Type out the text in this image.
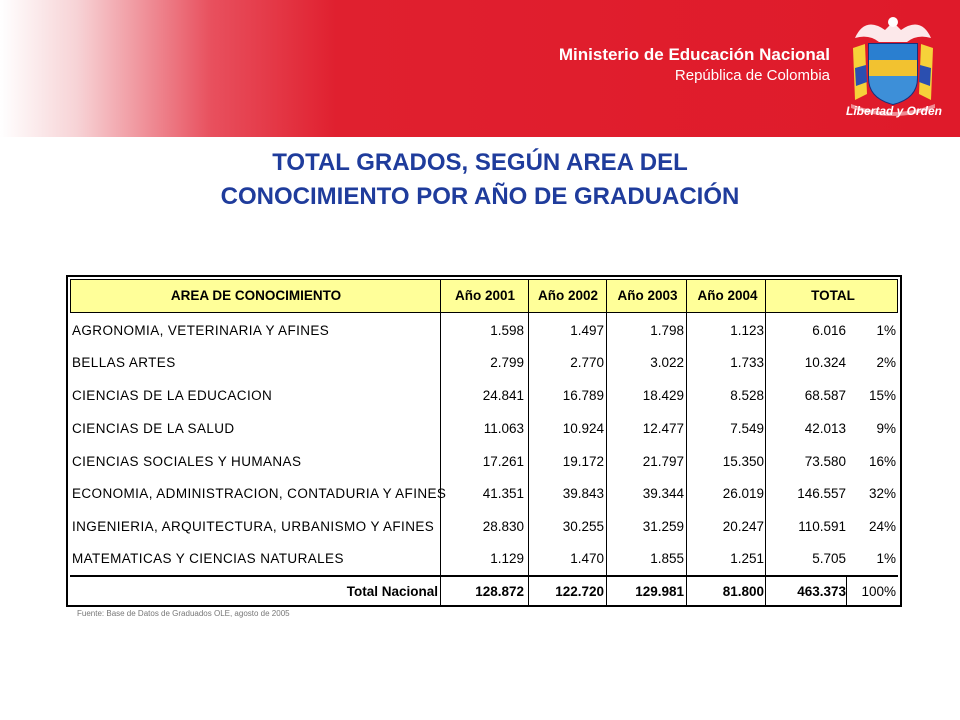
Ministerio de Educación Nacional
República de Colombia
Libertad y Orden
TOTAL GRADOS, SEGÚN AREA DEL
CONOCIMIENTO POR AÑO DE GRADUACIÓN
AREA DE CONOCIMIENTO	Año 2001	Año 2002	Año 2003	Año 2004	TOTAL
AGRONOMIA, VETERINARIA Y AFINES	1.598	1.497	1.798	1.123	6.016	1%
BELLAS ARTES	2.799	2.770	3.022	1.733	10.324	2%
CIENCIAS DE LA EDUCACION	24.841	16.789	18.429	8.528	68.587	15%
CIENCIAS DE LA SALUD	11.063	10.924	12.477	7.549	42.013	9%
CIENCIAS SOCIALES Y HUMANAS	17.261	19.172	21.797	15.350	73.580	16%
ECONOMIA, ADMINISTRACION, CONTADURIA Y AFINES	41.351	39.843	39.344	26.019	146.557	32%
INGENIERIA, ARQUITECTURA, URBANISMO Y AFINES	28.830	30.255	31.259	20.247	110.591	24%
MATEMATICAS Y CIENCIAS NATURALES	1.129	1.470	1.855	1.251	5.705	1%
Total Nacional	128.872	122.720	129.981	81.800	463.373	100%
Fuente: Base de Datos de Graduados OLE, agosto de 2005
